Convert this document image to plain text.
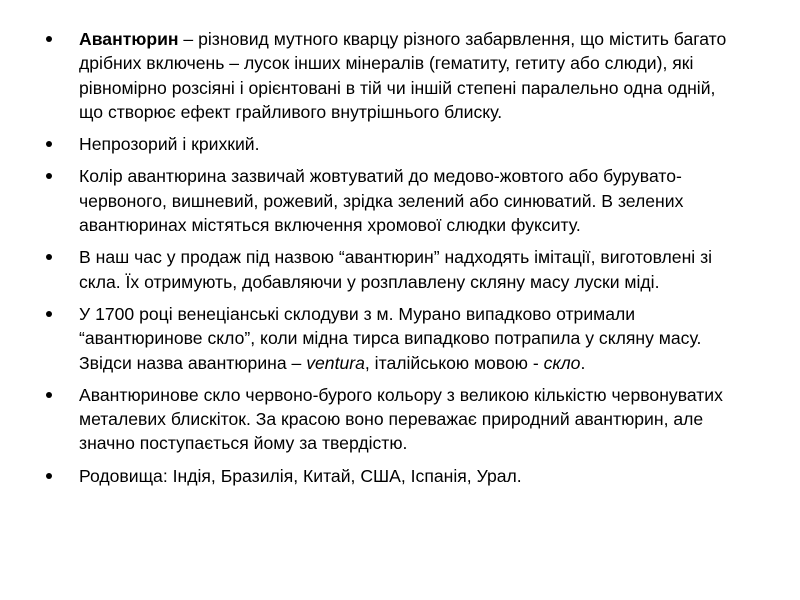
Авантюрин – різновид мутного кварцу різного забарвлення, що містить багато дрібних включень – лусок інших мінералів (гематиту, гетиту або слюди), які рівномірно розсіяні і орієнтовані в тій чи іншій степені паралельно одна одній, що створює ефект грайливого внутрішнього блиску.
Непрозорий і крихкий.
Колір авантюрина зазвичай жовтуватий до медово-жовтого або бурувато-червоного, вишневий, рожевий, зрідка зелений або синюватий. В зелених авантюринах містяться включення хромової слюдки фукситу.
В наш час у продаж під назвою “авантюрин” надходять імітації, виготовлені зі скла. Їх отримують, добавляючи у розплавлену скляну масу луски міді.
У 1700 році венеціанські склодуви з м. Мурано випадково отримали “авантюринове скло”, коли мідна тирса випадково потрапила у скляну масу. Звідси назва авантюрина – ventura, італійською мовою - скло.
Авантюринове скло червоно-бурого кольору з великою кількістю червонуватих металевих блискіток. За красою воно переважає природний авантюрин, але значно поступається йому за твердістю.
Родовища: Індія, Бразилія, Китай, США, Іспанія, Урал.
